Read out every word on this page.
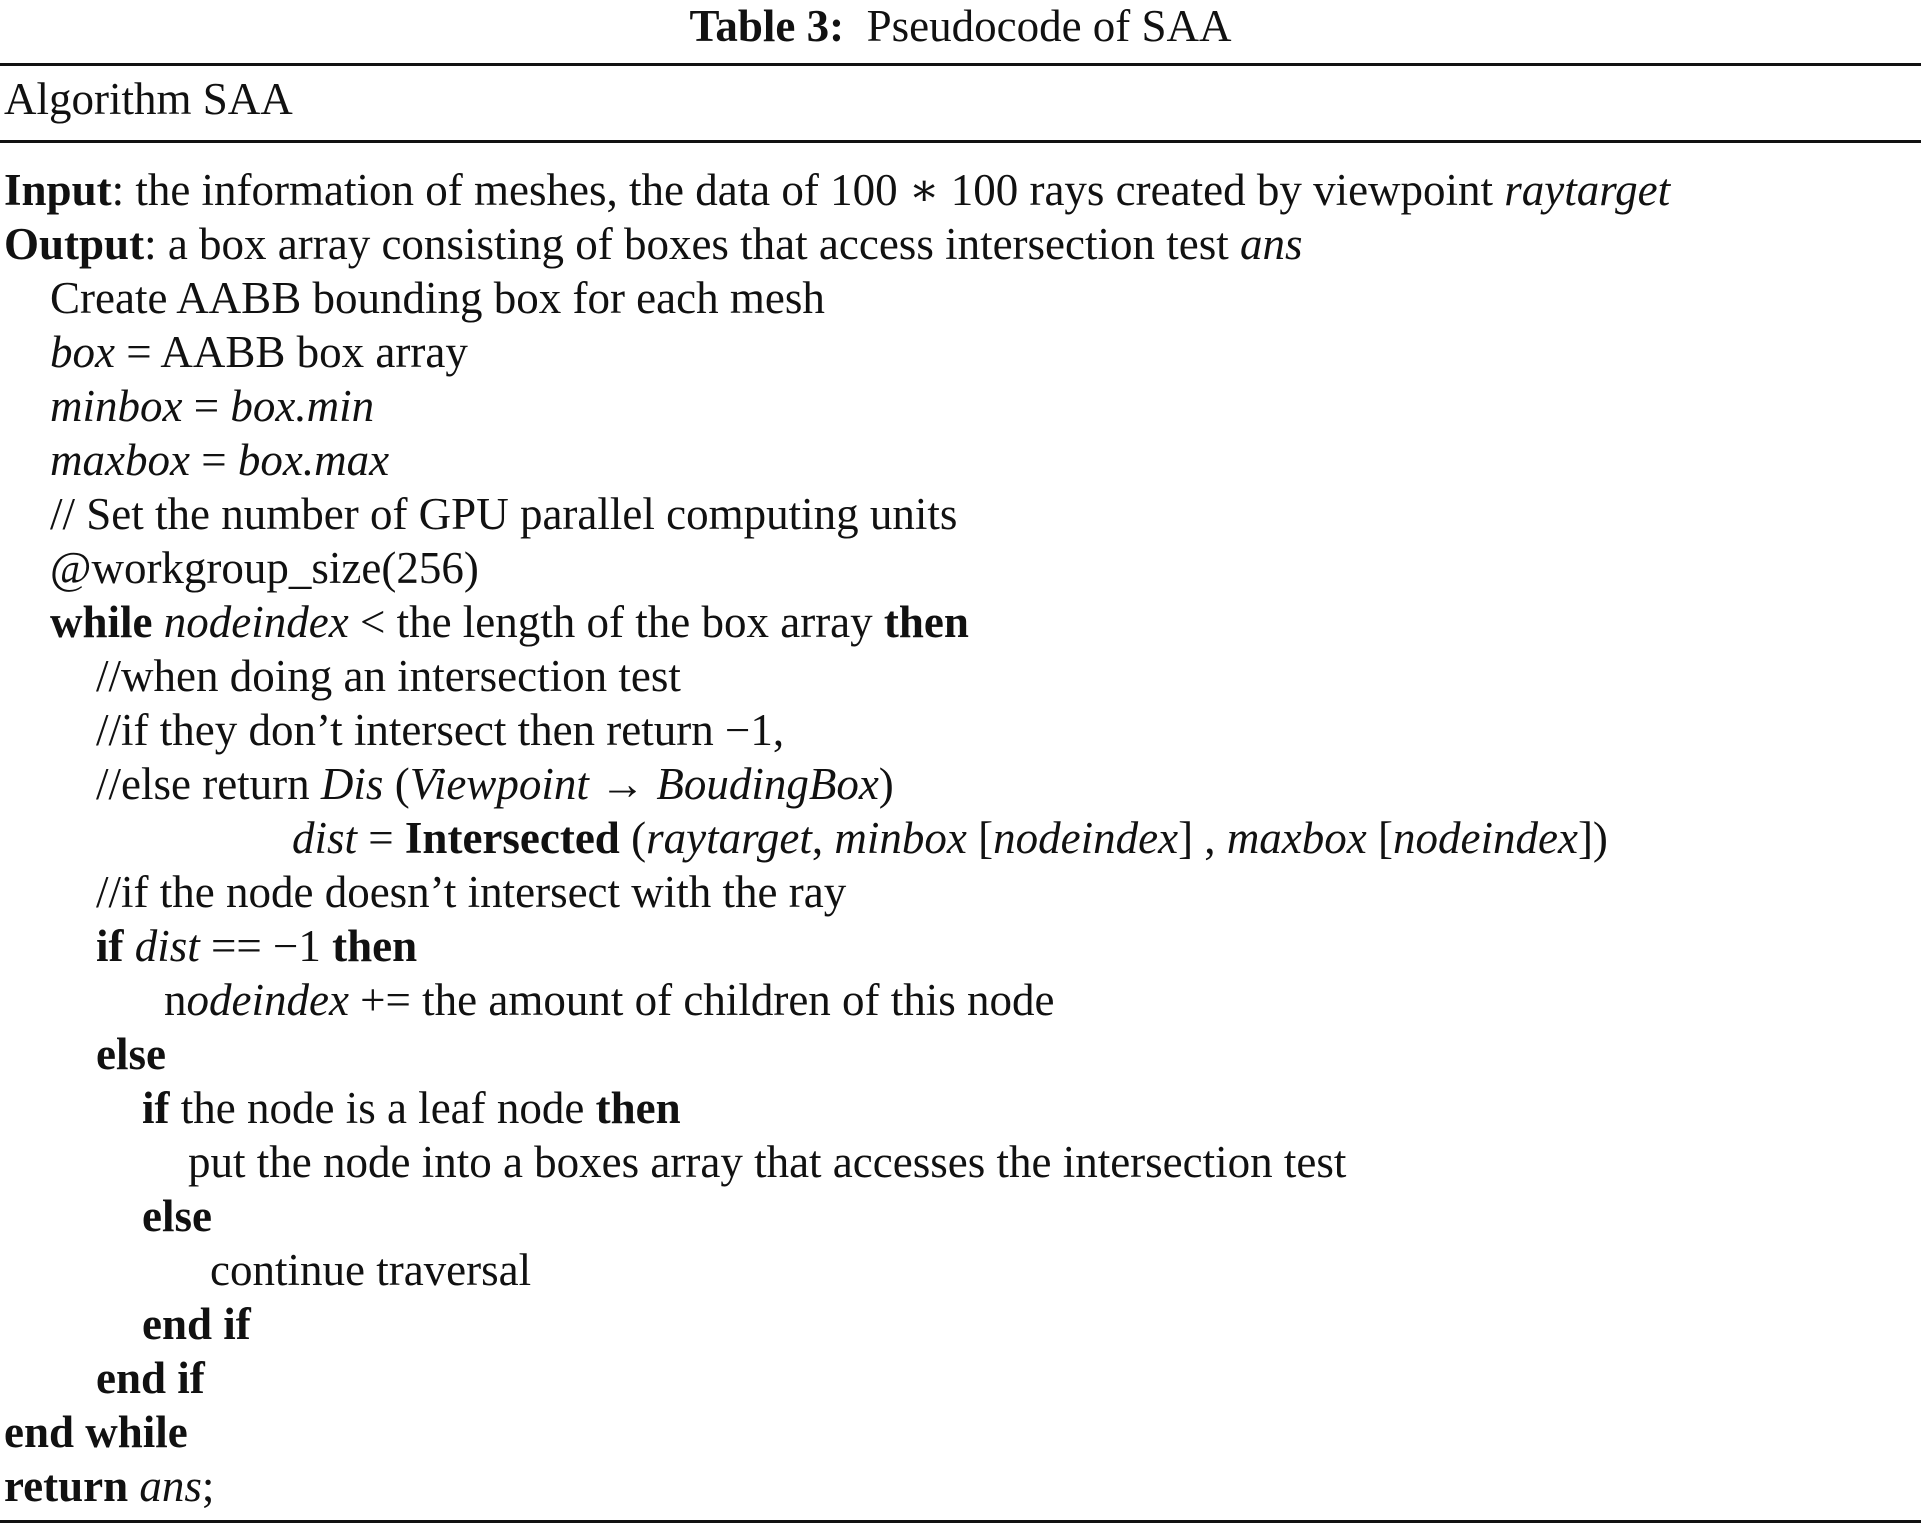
Table 3: Pseudocode of SAA
Algorithm SAA
Input: the information of meshes, the data of 100 ∗ 100 rays created by viewpoint raytarget
Output: a box array consisting of boxes that access intersection test ans
Create AABB bounding box for each mesh
box = AABB box array
minbox = box.min
maxbox = box.max
// Set the number of GPU parallel computing units
@workgroup_size(256)
while nodeindex < the length of the box array then
//when doing an intersection test
//if they don’t intersect then return −1,
//else return Dis (Viewpoint → BoudingBox)
dist = Intersected (raytarget, minbox [nodeindex] , maxbox [nodeindex])
//if the node doesn’t intersect with the ray
if dist == −1 then
nodeindex += the amount of children of this node
else
if the node is a leaf node then
put the node into a boxes array that accesses the intersection test
else
continue traversal
end if
end if
end while
return ans;
